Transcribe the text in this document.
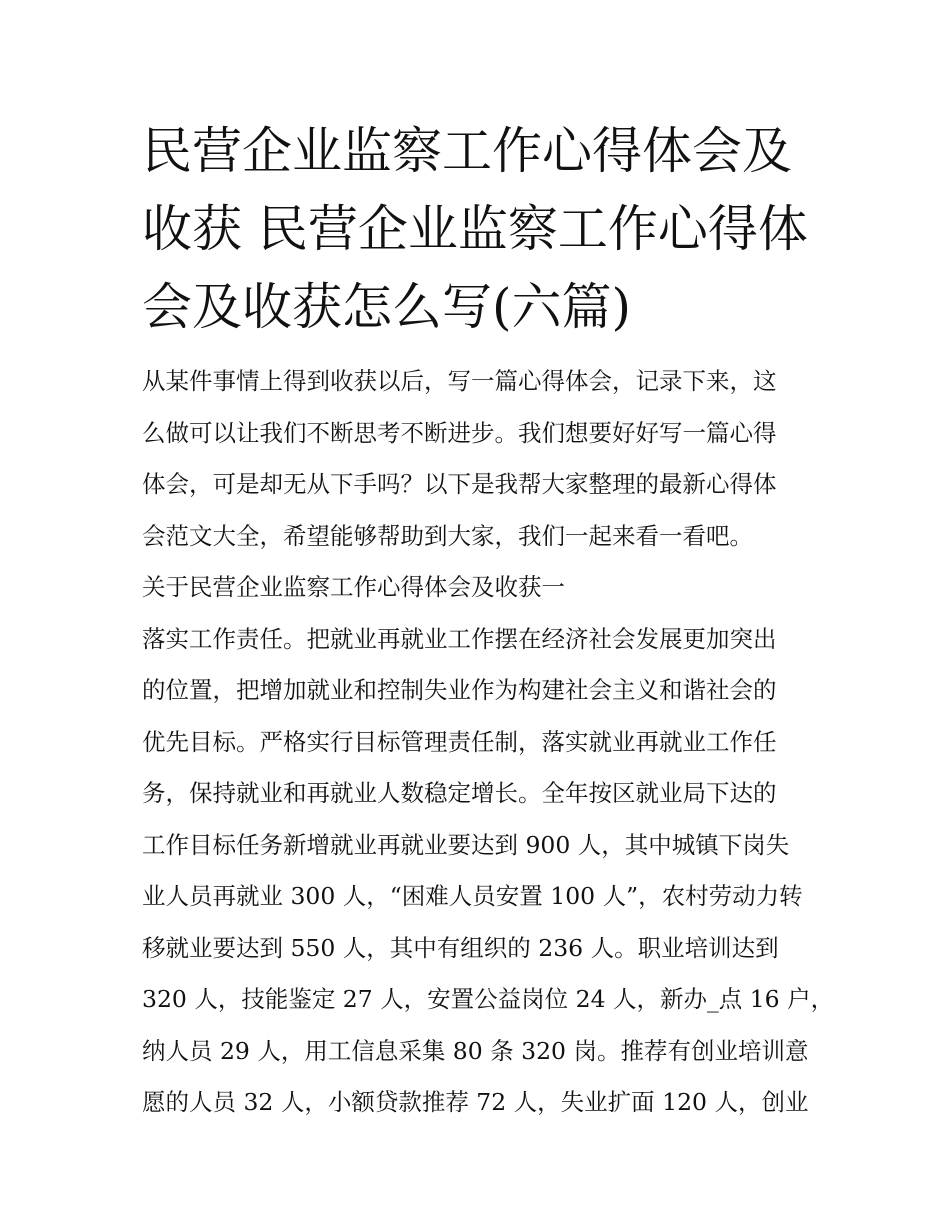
民营企业监察工作心得体会及
收获 民营企业监察工作心得体
会及收获怎么写(六篇)
从某件事情上得到收获以后，写一篇心得体会，记录下来，这
么做可以让我们不断思考不断进步。我们想要好好写一篇心得
体会，可是却无从下手吗？以下是我帮大家整理的最新心得体
会范文大全，希望能够帮助到大家，我们一起来看一看吧。
关于民营企业监察工作心得体会及收获一
落实工作责任。把就业再就业工作摆在经济社会发展更加突出
的位置，把增加就业和控制失业作为构建社会主义和谐社会的
优先目标。严格实行目标管理责任制，落实就业再就业工作任
务，保持就业和再就业人数稳定增长。全年按区就业局下达的
工作目标任务新增就业再就业要达到 900 人，其中城镇下岗失
业人员再就业 300 人，“困难人员安置 100 人”，农村劳动力转
移就业要达到 550 人，其中有组织的 236 人。职业培训达到
320 人，技能鉴定 27 人，安置公益岗位 24 人，新办_点 16 户，
纳人员 29 人，用工信息采集 80 条 320 岗。推荐有创业培训意
愿的人员 32 人，小额贷款推荐 72 人，失业扩面 120 人，创业
